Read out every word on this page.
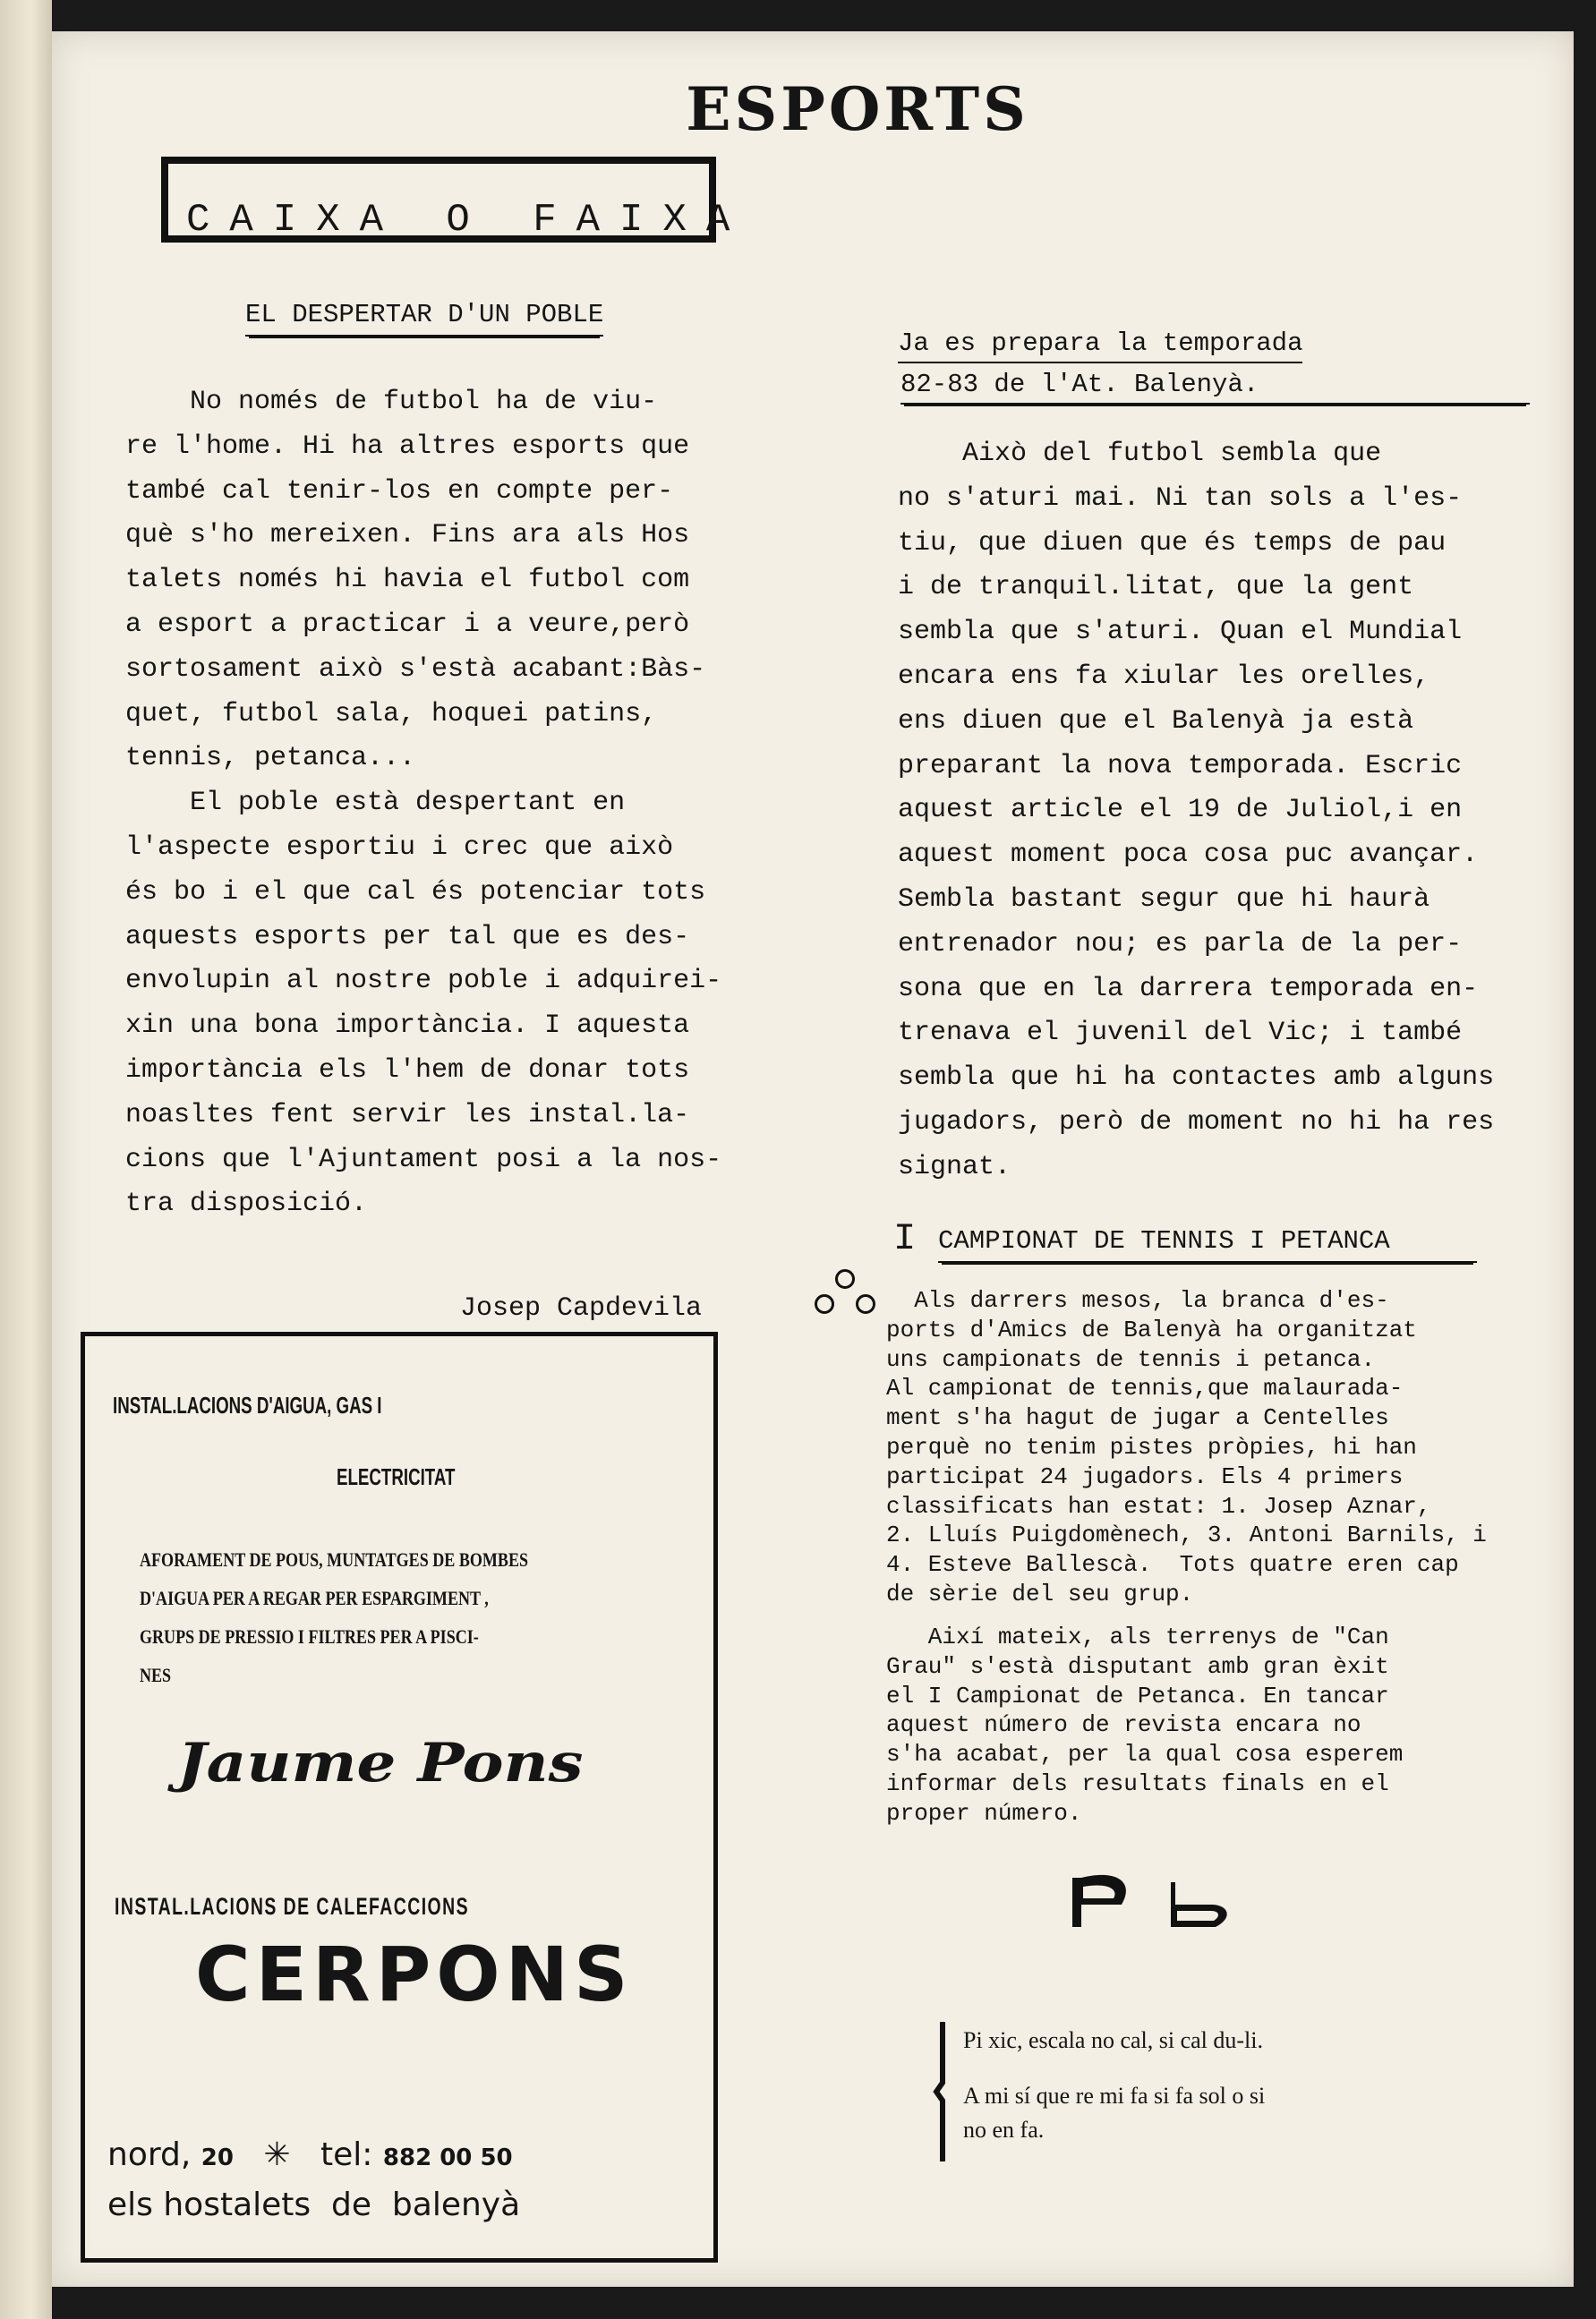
ESPORTS
CAIXA O FAIXA
EL DESPERTAR D'UN POBLE
No només de futbol ha de viu-
re l'home. Hi ha altres esports que
també cal tenir-los en compte per-
què s'ho mereixen. Fins ara als Hos
talets només hi havia el futbol com
a esport a practicar i a veure,però
sortosament això s'està acabant:Bàs-
quet, futbol sala, hoquei patins,
tennis, petanca...
El poble està despertant en
l'aspecte esportiu i crec que això
és bo i el que cal és potenciar tots
aquests esports per tal que es des-
envolupin al nostre poble i adquirei-
xin una bona importància. I aquesta
importància els l'hem de donar tots
noasltes fent servir les instal.la-
cions que l'Ajuntament posi a la nos-
tra disposició.
Josep Capdevila
Ja es prepara la temporada
82-83 de l'At. Balenyà.
Això del futbol sembla que
no s'aturi mai. Ni tan sols a l'es-
tiu, que diuen que és temps de pau
i de tranquil.litat, que la gent
sembla que s'aturi. Quan el Mundial
encara ens fa xiular les orelles,
ens diuen que el Balenyà ja està
preparant la nova temporada. Escric
aquest article el 19 de Juliol,i en
aquest moment poca cosa puc avançar.
Sembla bastant segur que hi haurà
entrenador nou; es parla de la per-
sona que en la darrera temporada en-
trenava el juvenil del Vic; i també
sembla que hi ha contactes amb alguns
jugadors, però de moment no hi ha res
signat.
I CAMPIONAT DE TENNIS I PETANCA
Als darrers mesos, la branca d'es-
ports d'Amics de Balenyà ha organitzat
uns campionats de tennis i petanca.
Al campionat de tennis,que malaurada-
ment s'ha hagut de jugar a Centelles
perquè no tenim pistes pròpies, hi han
participat 24 jugadors. Els 4 primers
classificats han estat: 1. Josep Aznar,
2. Lluís Puigdomènech, 3. Antoni Barnils, i
4. Esteve Ballescà.  Tots quatre eren cap
de sèrie del seu grup.
Així mateix, als terrenys de "Can
Grau" s'està disputant amb gran èxit
el I Campionat de Petanca. En tancar
aquest número de revista encara no
s'ha acabat, per la qual cosa esperem
informar dels resultats finals en el
proper número.
Pi xic, escala no cal, si cal du-li.
A mi sí que re mi fa si fa sol o si
no en fa.
INSTAL.LACIONS D'AIGUA, GAS I
ELECTRICITAT
AFORAMENT DE POUS, MUNTATGES DE BOMBES
D'AIGUA PER A REGAR PER ESPARGIMENT ,
GRUPS DE PRESSIO I FILTRES PER A PISCI-
NES
Jaume Pons
INSTAL.LACIONS DE CALEFACCIONS
CERPONS
nord, 20 ✳ tel: 882 00 50
els hostalets  de  balenyà
